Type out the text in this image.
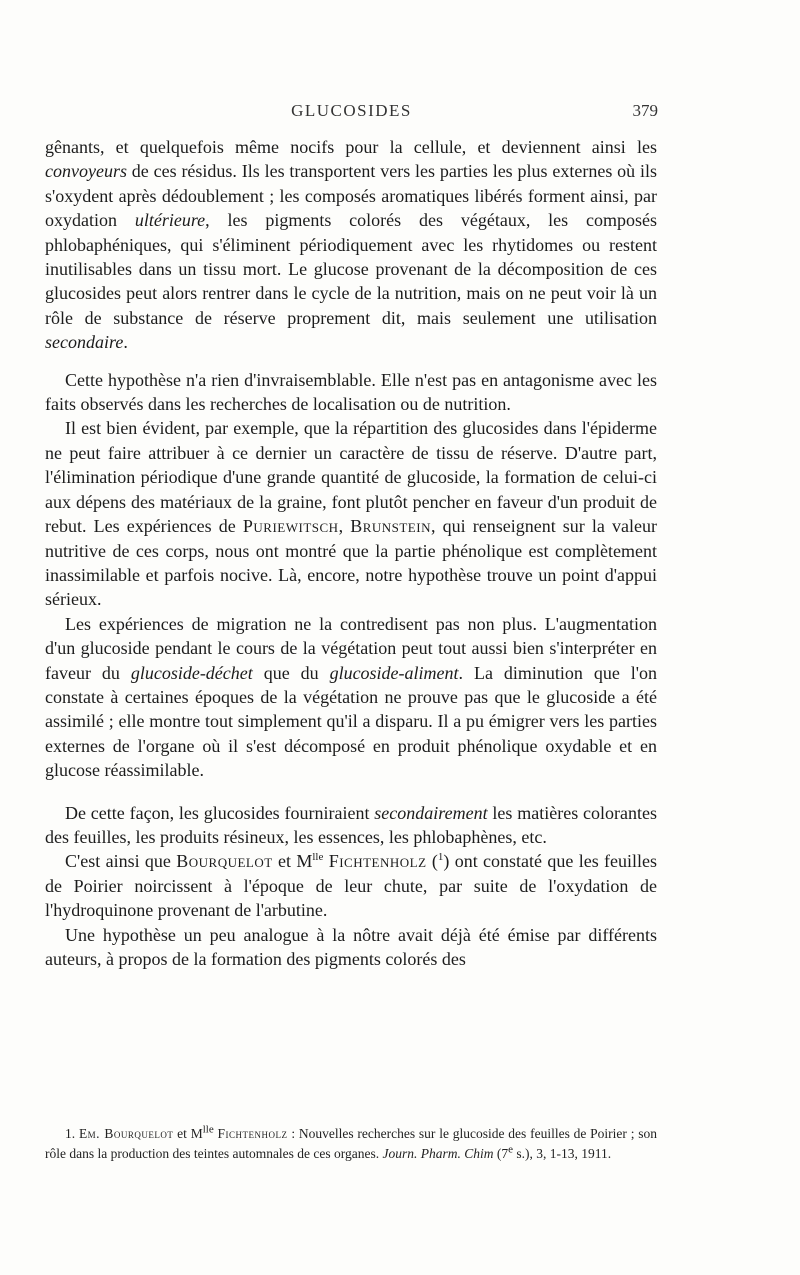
GLUCOSIDES	379

gênants, et quelquefois même nocifs pour la cellule, et deviennent ainsi les convoyeurs de ces résidus. Ils les transportent vers les parties les plus externes où ils s'oxydent après dédoublement ; les composés aromatiques libérés forment ainsi, par oxydation ultérieure, les pigments colorés des végétaux, les composés phlobaphéniques, qui s'éliminent périodiquement avec les rhytidomes ou restent inutilisables dans un tissu mort. Le glucose provenant de la décomposition de ces glucosides peut alors rentrer dans le cycle de la nutrition, mais on ne peut voir là un rôle de substance de réserve proprement dit, mais seulement une utilisation secondaire.

Cette hypothèse n'a rien d'invraisemblable. Elle n'est pas en antagonisme avec les faits observés dans les recherches de localisation ou de nutrition.

Il est bien évident, par exemple, que la répartition des glucosides dans l'épiderme ne peut faire attribuer à ce dernier un caractère de tissu de réserve. D'autre part, l'élimination périodique d'une grande quantité de glucoside, la formation de celui-ci aux dépens des matériaux de la graine, font plutôt pencher en faveur d'un produit de rebut. Les expériences de Puriewitsch, Brunstein, qui renseignent sur la valeur nutritive de ces corps, nous ont montré que la partie phénolique est complètement inassimilable et parfois nocive. Là, encore, notre hypothèse trouve un point d'appui sérieux.

Les expériences de migration ne la contredisent pas non plus. L'augmentation d'un glucoside pendant le cours de la végétation peut tout aussi bien s'interpréter en faveur du glucoside-déchet que du glucoside-aliment. La diminution que l'on constate à certaines époques de la végétation ne prouve pas que le glucoside a été assimilé ; elle montre tout simplement qu'il a disparu. Il a pu émigrer vers les parties externes de l'organe où il s'est décomposé en produit phénolique oxydable et en glucose réassimilable.

De cette façon, les glucosides fourniraient secondairement les matières colorantes des feuilles, les produits résineux, les essences, les phlobaphènes, etc.

C'est ainsi que Bourquelot et $M^{lle}$ Fichtenholz ($^1$) ont constaté que les feuilles de Poirier noircissent à l'époque de leur chute, par suite de l'oxydation de l'hydroquinone provenant de l'arbutine.

Une hypothèse un peu analogue à la nôtre avait déjà été émise par différents auteurs, à propos de la formation des pigments colorés des

1. Em. Bourquelot et $M^{lle}$ Fichtenholz : Nouvelles recherches sur le glucoside des feuilles de Poirier ; son rôle dans la production des teintes automnales de ces organes. Journ. Pharm. Chim (7e s.), 3, 1-13, 1911.
